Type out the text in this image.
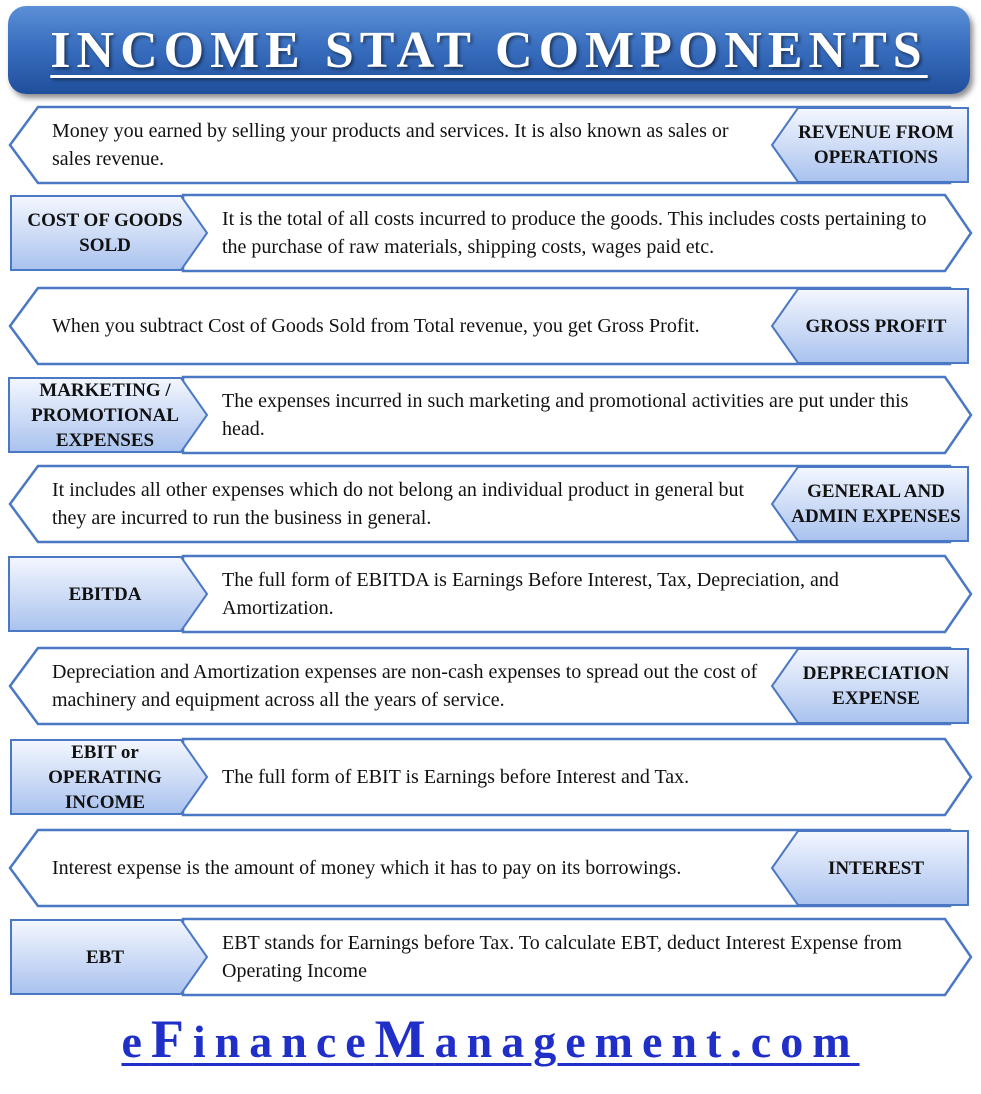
INCOME STAT COMPONENTS
Money you earned by selling your products and services. It is also known as sales or sales revenue.
REVENUE FROM OPERATIONS
It is the total of all costs incurred to produce the goods. This includes costs pertaining to the purchase of raw materials, shipping costs, wages paid etc.
COST OF GOODS SOLD
When you subtract Cost of Goods Sold from Total revenue, you get Gross Profit.	GROSS PROFIT
The expenses incurred in such marketing and promotional activities are put under this head.
MARKETING / PROMOTIONAL EXPENSES
It includes all other expenses which do not belong an individual product in general but they are incurred to run the business in general.
GENERAL AND ADMIN EXPENSES
The full form of EBITDA is Earnings Before Interest, Tax, Depreciation, and Amortization.
EBITDA
Depreciation and Amortization expenses are non-cash expenses to spread out the cost of machinery and equipment across all the years of service.
DEPRECIATION EXPENSE
The full form of EBIT is Earnings before Interest and Tax.
EBIT or OPERATING INCOME
Interest expense is the amount of money which it has to pay on its borrowings.	INTEREST
EBT stands for Earnings before Tax. To calculate EBT, deduct Interest Expense from Operating Income
EBT
eFinanceManagement.com
